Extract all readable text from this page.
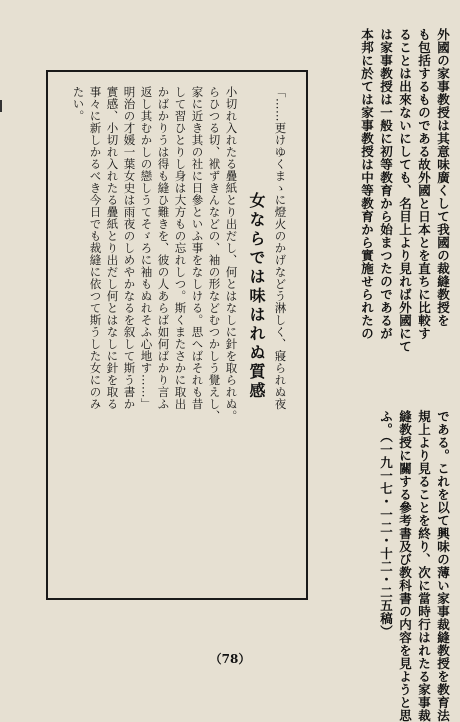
外國の家事教授は其意味廣くして我國の裁縫教授を
も包括するものである故外國と日本とを直ちに比較す
ることは出來ないにしても、名目上より見れば外國にて
は家事教授は一般に初等教育から始まつたのであるが
本邦に於ては家事教授は中等教育から實施せられたの
である。これを以て興味の薄い家事裁縫教授を教育法
規上より見ることを終り、次に當時行はれたる家事裁
縫教授に關する參考書及び教科書の内容を見ようと思
ふ。（一九一七・一二・十二・二五稿）
女ならでは味はれぬ質感 「……更けゆくまゝに燈火のかげなどう淋しく、寢られぬ夜
小切れ入れたる疊紙とり出だし、何とはなしに針を取られぬ。
らひつる切、袱ずきんなどの、袖の形などむつかしう覺えし、
家に近き其の社に日參といふ事をなしける。思へばそれも昔
して習ひとりし身は大方もの忘れしつ。斯くまたさかに取出
かばかりうは得も縫ひ難きを、彼の人あらば如何ばかり言ふ
返し其むかしの戀しうてそゞろに袖もぬれそふ心地す……」
明治の才媛一葉女史は雨夜のしめやかなるを叙して斯う書か
實感、小切れ入れたる疊紙とり出だし何とはなしに針を取る
事々に新しかるべき今日でも裁縫に依つて斯うした女にのみ
たい。
（78）
